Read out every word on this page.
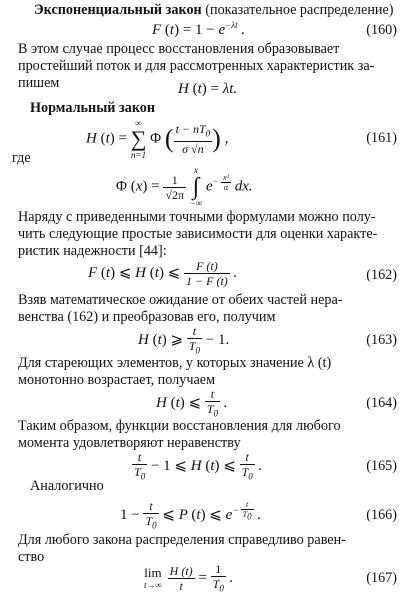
Экспоненциальный закон (показательное распределение)
F $(t) = 1 - e^{-\lambda t}$ .	(160)
В этом случае процесс восстановления образовывает
простейший поток и для рассмотренных характеристик за-
пишем	H (t) = λt.
Нормальный закон
H (t) =
∞
∑
n=1
Φ ( $\frac{t - nT_0}{\sigma √n}$ ) ,	(161)
где
Φ $(x) = \frac{1}{√2\pi}$

x
∫
−∞
$e^{- \frac{\text{x²}}{\alpha}}$ dx.
Наряду с приведенными точными формулами можно полу-
чить следующие простые зависимости для оценки характе-
ристик надежности [44]:
F (t) ⩽ H (t) ⩽ $\frac{F (t)}{1 - F (t)}$ .	(162)
Взяв математическое ожидание от обеих частей нера-
венства (162) и преобразовав его, получим
H (t) ⩾ $\frac{t}{T_0} - 1$.	(163)
Для стареющих элементов, у которых значение λ (t)
монотонно возрастает, получаем
H (t) ⩽ $\frac{t}{T_0}$ .	(164)
Таким образом, функции восстановления для любого
момента удовлетворяют неравенству
$\frac{t}{T_0} - 1$ ⩽ H (t) ⩽ $\frac{t}{T_0}$ .	(165)
Аналогично
$1 - \frac{t}{T_0}$ ⩽ P (t) ⩽ $e^{- \frac{t}{T_0}}$ .	(166)
Для любого закона распределения справедливо равен-
ство
lim
t→∞
$\frac{H (t)}{t} = \frac{1}{T_0}$ .	(167)
